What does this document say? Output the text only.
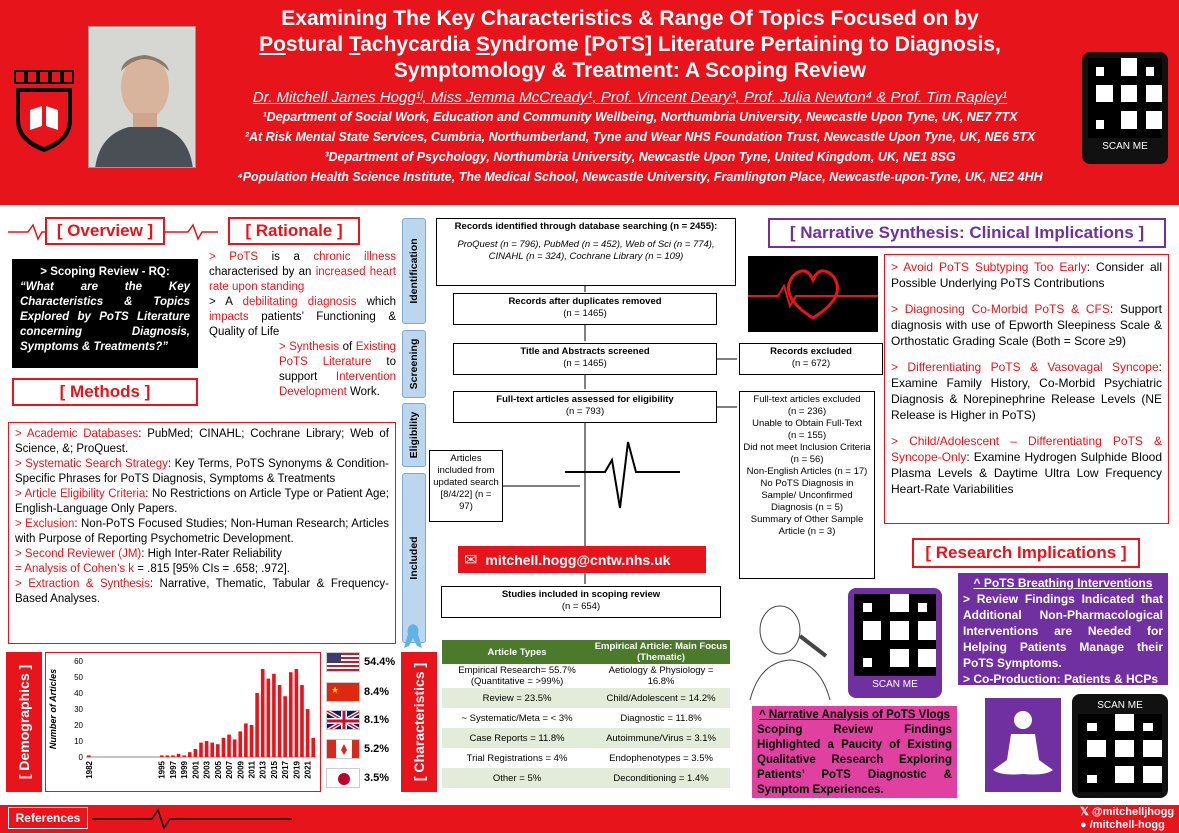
Examining The Key Characteristics & Range Of Topics Focused on by
Postural Tachycardia Syndrome [PoTS] Literature Pertaining to Diagnosis,
Symptomology & Treatment: A Scoping Review
Dr. Mitchell James Hogg¹ʲ, Miss Jemma McCready¹, Prof. Vincent Deary³, Prof. Julia Newton⁴ & Prof. Tim Rapley¹
¹Department of Social Work, Education and Community Wellbeing, Northumbria University, Newcastle Upon Tyne, UK, NE7 7TX
²At Risk Mental State Services, Cumbria, Northumberland, Tyne and Wear NHS Foundation Trust, Newcastle Upon Tyne, UK, NE6 5TX
³Department of Psychology, Northumbria University, Newcastle Upon Tyne, United Kingdom, UK, NE1 8SG
⁴Population Health Science Institute, The Medical School, Newcastle University, Framlington Place, Newcastle-upon-Tyne, UK, NE2 4HH
SCAN ME
[ Overview ]
> Scoping Review - RQ:
“What are the Key Characteristics & Topics Explored by PoTS Literature concerning Diagnosis, Symptoms & Treatments?”
[ Rationale ]
> PoTS is a chronic illness characterised by an increased heart rate upon standing
> A debilitating diagnosis which impacts patients’ Functioning & Quality of Life
> Synthesis of Existing PoTS Literature to support Intervention Development Work.
[ Methods ]
> Academic Databases: PubMed; CINAHL; Cochrane Library; Web of Science, &; ProQuest.
> Systematic Search Strategy: Key Terms, PoTS Synonyms & Condition-Specific Phrases for PoTS Diagnosis, Symptoms & Treatments
> Article Eligibility Criteria: No Restrictions on Article Type or Patient Age; English-Language Only Papers.
> Exclusion: Non-PoTS Focused Studies; Non-Human Research; Articles with Purpose of Reporting Psychometric Development.
> Second Reviewer (JM): High Inter-Rater Reliability
= Analysis of Cohen’s k = .815 [95% CIs = .658; .972].
> Extraction & Synthesis: Narrative, Thematic, Tabular & Frequency-Based Analyses.
[ Demographics ] Number of Articles
0
10
20
30
40
50
60
1982	1995 1997 1999 2001 2003 2005 2007 2009 2011 2013 2015 2017 2019 2021
54.4%
★ 8.4%
8.1%
5.2%
3.5%
Identification
Screening
Eligibility
Included
Records identified through database searching (n = 2455):
ProQuest (n = 796), PubMed (n = 452), Web of Sci (n = 774), CINAHL (n = 324), Cochrane Library (n = 109)
Records after duplicates removed
(n = 1465)
Title and Abstracts screened
(n = 1465)
Records excluded
(n = 672)
Full-text articles assessed for eligibility
(n = 793)
Full-text articles excluded
(n = 236)
Unable to Obtain Full-Text
(n = 155)
Did not meet Inclusion Criteria (n = 56)
Non-English Articles (n = 17)
No PoTS Diagnosis in Sample/ Unconfirmed Diagnosis (n = 5)
Summary of Other Sample Article (n = 3)
Articles included from updated search [8/4/22] (n = 97)
Studies included in scoping review
(n = 654)
✉ mitchell.hogg@cntw.nhs.uk
[ Characteristics ]
Article Types	Empirical Article: Main Focus (Thematic)
Empirical Research= 55.7% (Quantitative = >99%)	Aetiology & Physiology = 16.8%
Review = 23.5%	Child/Adolescent = 14.2%
~ Systematic/Meta = < 3%	Diagnostic = 11.8%
Case Reports = 11.8%	Autoimmune/Virus = 3.1%
Trial Registrations = 4%	Endophenotypes = 3.5%
Other = 5%	Deconditioning = 1.4%
[ Narrative Synthesis: Clinical Implications ]
> Avoid PoTS Subtyping Too Early: Consider all Possible Underlying PoTS Contributions
> Diagnosing Co-Morbid PoTS & CFS: Support diagnosis with use of Epworth Sleepiness Scale & Orthostatic Grading Scale (Both = Score ≥9)
> Differentiating PoTS & Vasovagal Syncope: Examine Family History, Co-Morbid Psychiatric Diagnosis & Norepinephrine Release Levels (NE Release is Higher in PoTS)
> Child/Adolescent – Differentiating PoTS & Syncope-Only: Examine Hydrogen Sulphide Blood Plasma Levels & Daytime Ultra Low Frequency Heart-Rate Variabilities
[ Research Implications ]
^ PoTS Breathing Interventions
> Review Findings Indicated that Additional Non-Pharmacological Interventions are Needed for Helping Patients Manage their PoTS Symptoms.
> Co-Production: Patients & HCPs
SCAN ME
^ Narrative Analysis of PoTS Vlogs
Scoping Review Findings Highlighted a Paucity of Existing Qualitative Research Exploring Patients’ PoTS Diagnostic & Symptom Experiences.
SCAN ME
References	𝕏 @mitchelljhogg
● /mitchell-hogg
